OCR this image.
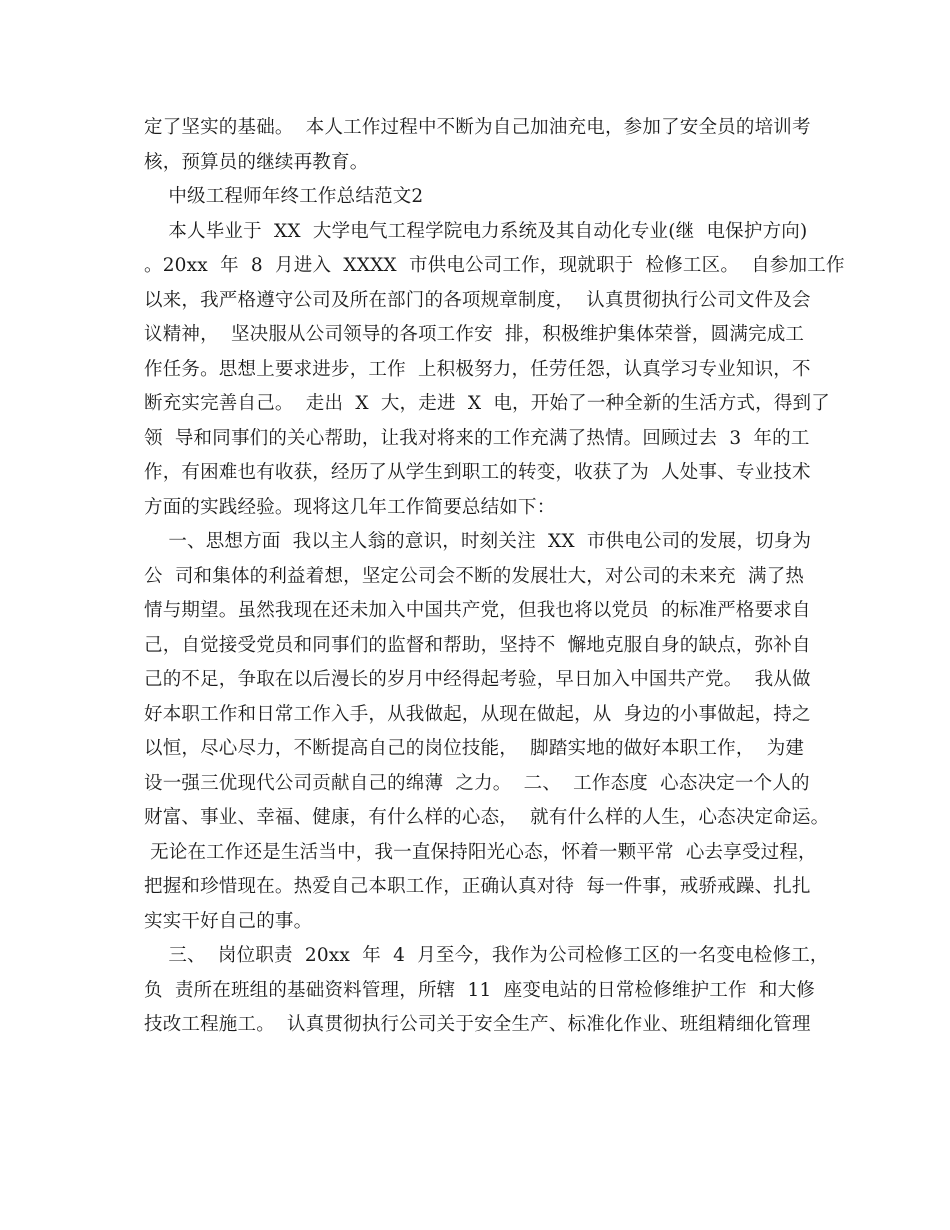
定了坚实的基础。  本人工作过程中不断为自己加油充电，参加了安全员的培训考
核，预算员的继续再教育。
中级工程师年终工作总结范文2
本人毕业于  XX  大学电气工程学院电力系统及其自动化专业(继  电保护方向)
。20xx  年  8  月进入  XXXX  市供电公司工作，现就职于  检修工区。  自参加工作
以来，我严格遵守公司及所在部门的各项规章制度，  认真贯彻执行公司文件及会
议精神，  坚决服从公司领导的各项工作安  排，积极维护集体荣誉，圆满完成工
作任务。思想上要求进步，工作  上积极努力，任劳任怨，认真学习专业知识，不
断充实完善自己。  走出  X  大，走进  X  电，开始了一种全新的生活方式，得到了
领  导和同事们的关心帮助，让我对将来的工作充满了热情。回顾过去  3  年的工
作，有困难也有收获，经历了从学生到职工的转变，收获了为  人处事、专业技术
方面的实践经验。现将这几年工作简要总结如下：
一、思想方面  我以主人翁的意识，时刻关注  XX  市供电公司的发展，切身为
公  司和集体的利益着想，坚定公司会不断的发展壮大，对公司的未来充  满了热
情与期望。虽然我现在还未加入中国共产党，但我也将以党员  的标准严格要求自
己，自觉接受党员和同事们的监督和帮助，坚持不  懈地克服自身的缺点，弥补自
己的不足，争取在以后漫长的岁月中经得起考验，早日加入中国共产党。  我从做
好本职工作和日常工作入手，从我做起，从现在做起，从  身边的小事做起，持之
以恒，尽心尽力，不断提高自己的岗位技能，  脚踏实地的做好本职工作，  为建
设一强三优现代公司贡献自己的绵薄  之力。  二、  工作态度  心态决定一个人的
财富、事业、幸福、健康，有什么样的心态，  就有什么样的人生，心态决定命运。
无论在工作还是生活当中，我一直保持阳光心态，怀着一颗平常  心去享受过程，
把握和珍惜现在。热爱自己本职工作，正确认真对待  每一件事，戒骄戒躁、扎扎
实实干好自己的事。
三、  岗位职责  20xx  年  4  月至今，我作为公司检修工区的一名变电检修工，
负  责所在班组的基础资料管理，所辖  11  座变电站的日常检修维护工作  和大修
技改工程施工。  认真贯彻执行公司关于安全生产、标准化作业、班组精细化管理
